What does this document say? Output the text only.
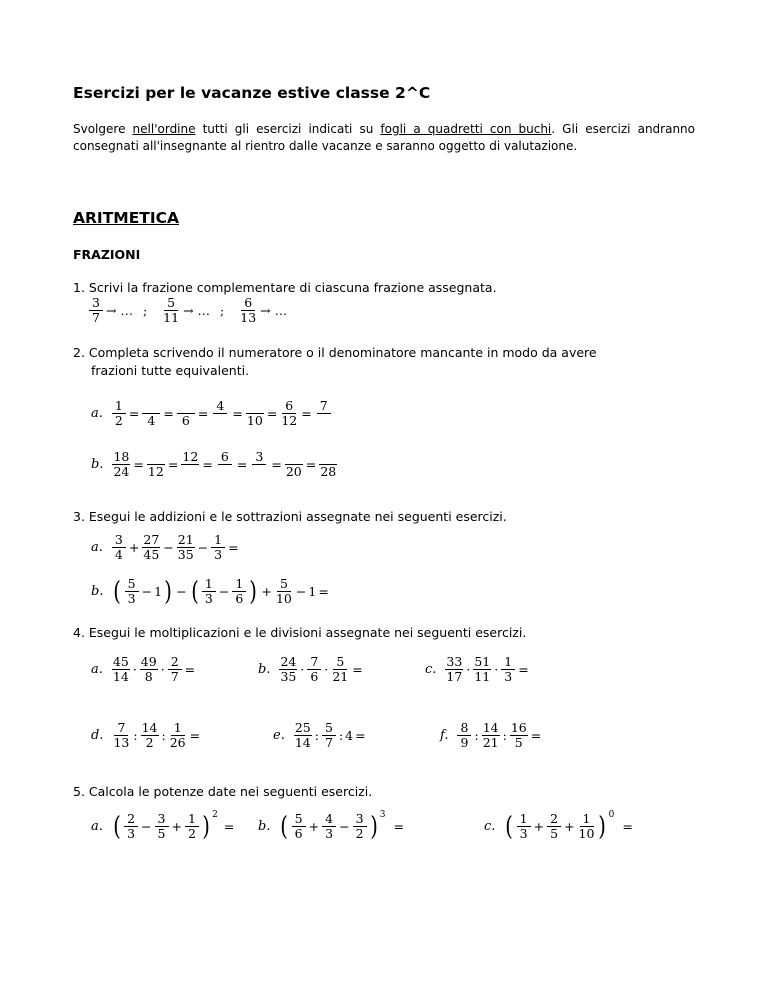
Esercizi per le vacanze estive classe 2^C
Svolgere nell'ordine tutti gli esercizi indicati su fogli a quadretti con buchi. Gli esercizi andranno consegnati all'insegnante al rientro dalle vacanze e saranno oggetto di valutazione.
ARITMETICA
FRAZIONI
1. Scrivi la frazione complementare di ciascuna frazione assegnata.
$\frac{3}{7}$ → … ; $\frac{5}{11}$ → … ; $\frac{6}{13}$ → …
2. Completa scrivendo il numeratore o il denominatore mancante in modo da avere
frazioni tutte equivalenti.
a. $\frac{1}{2}$ =
4 =
6 =
4

=
$10 = \frac{6}{12}$ =
7

b. $\frac{18}{24}$ =
12 =
12

=
6

=
3

=
20 =
28
3. Esegui le addizioni e le sottrazioni assegnate nei seguenti esercizi.
a. $\frac{3}{4} + \frac{27}{45} - \frac{21}{35} - \frac{1}{3}$ =
b. ( $\frac{5}{3} - 1$ ) − ( $\frac{1}{3} - \frac{1}{6}$ ) + $\frac{5}{10} - 1$ =
4. Esegui le moltiplicazioni e le divisioni assegnate nei seguenti esercizi.
a. $\frac{45}{14} \cdot \frac{49}{8} \cdot \frac{2}{7}$ =	b. $\frac{24}{35} \cdot \frac{7}{6} \cdot \frac{5}{21}$ =	c. $\frac{33}{17} \cdot \frac{51}{11} \cdot \frac{1}{3}$ =
d. $\frac{7}{13}$ : $\frac{14}{2}$ : $\frac{1}{26}$ =	e. $\frac{25}{14}$ : $\frac{5}{7}$ : 4 =	f. $\frac{8}{9}$ : $\frac{14}{21}$ : $\frac{16}{5}$ =
5. Calcola le potenze date nei seguenti esercizi.
a. ( $\frac{2}{3} - \frac{3}{5} + \frac{1}{2}$ ) 2
= b. ( $\frac{5}{6} + \frac{4}{3} - \frac{3}{2}$ ) 3
=	c. ( $\frac{1}{3} + \frac{2}{5} + \frac{1}{10}$ ) 0
=
